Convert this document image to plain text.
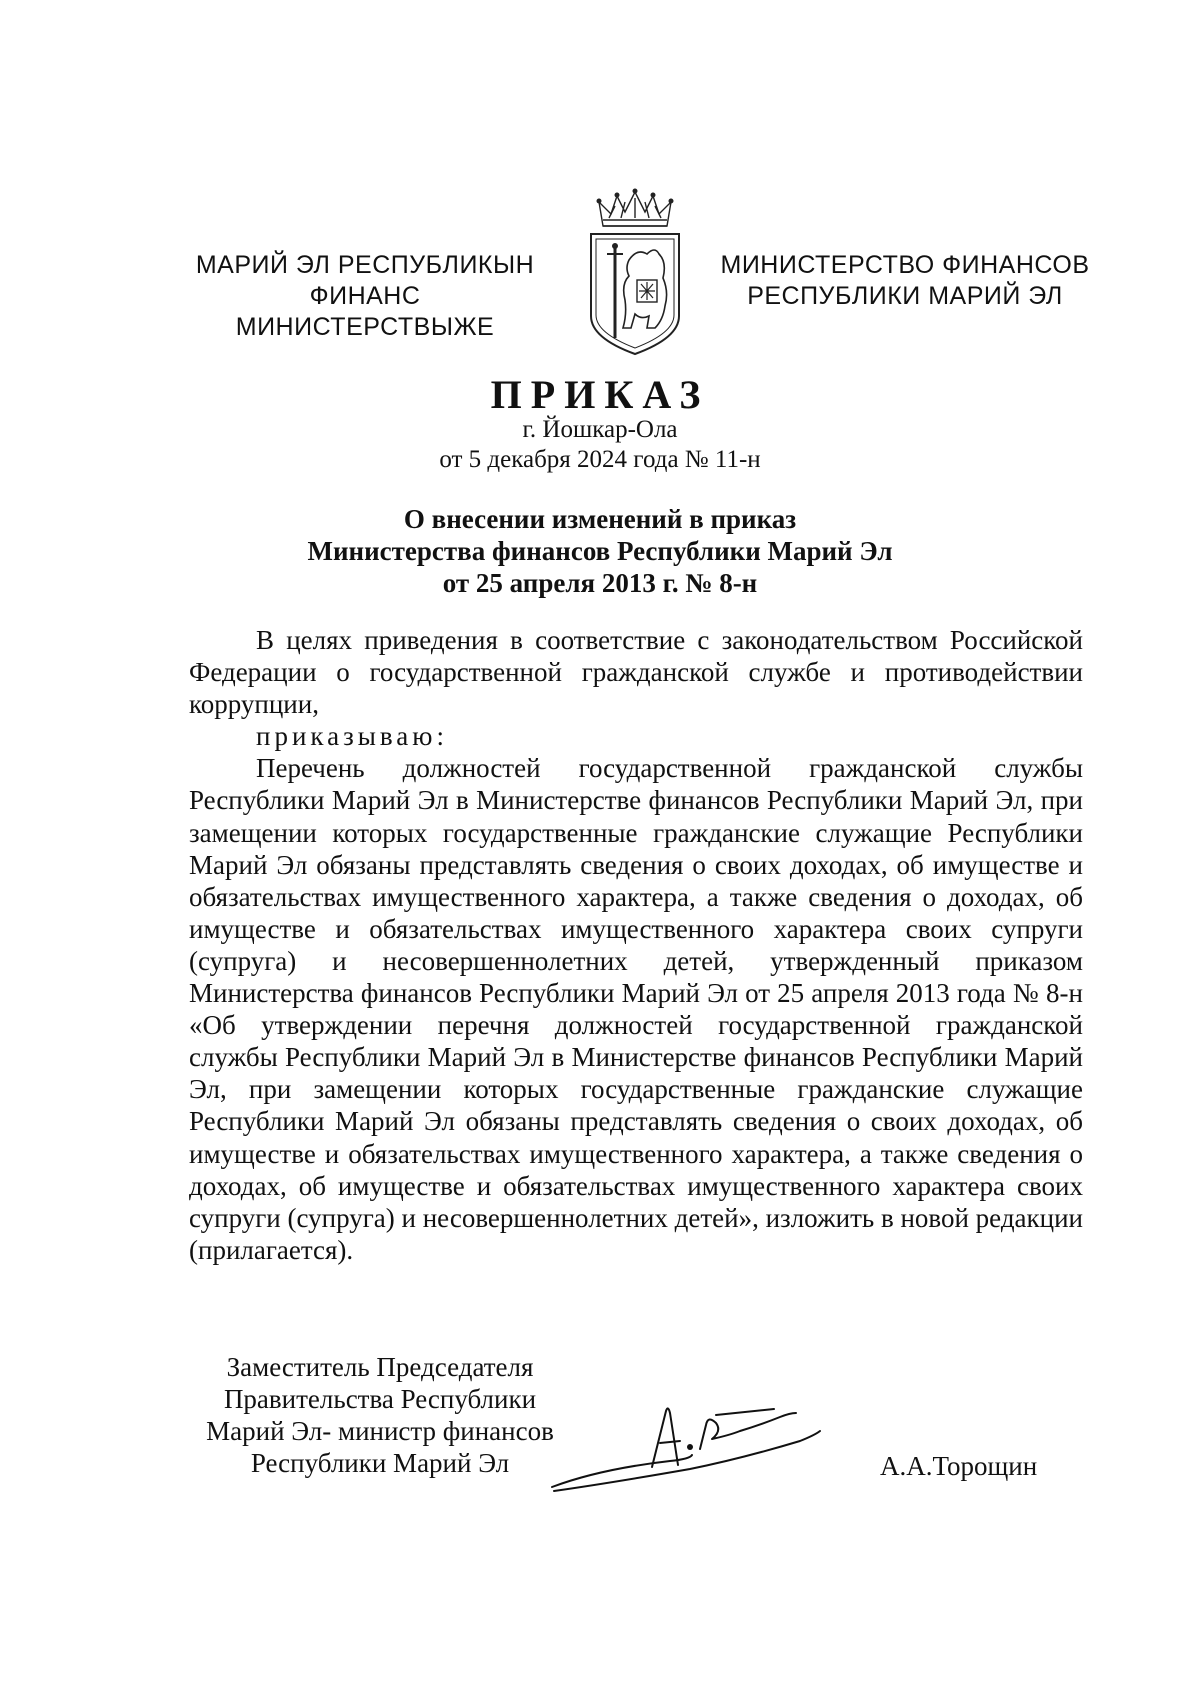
МАРИЙ ЭЛ РЕСПУБЛИКЫН
ФИНАНС МИНИСТЕРСТВЫЖЕ
МИНИСТЕРСТВО ФИНАНСОВ
РЕСПУБЛИКИ МАРИЙ ЭЛ
ПРИКАЗ
г. Йошкар-Ола
от 5 декабря 2024 года № 11-н
О внесении изменений в приказ
Министерства финансов Республики Марий Эл
от 25 апреля 2013 г. № 8-н

В целях приведения в соответствие с законодательством Российской Федерации о государственной гражданской службе и противодействии коррупции,

приказываю:

Перечень должностей государственной гражданской службы Республики Марий Эл в Министерстве финансов Республики Марий Эл, при замещении которых государственные гражданские служащие Республики Марий Эл обязаны представлять сведения о своих доходах, об имуществе и обязательствах имущественного характера, а также сведения о доходах, об имуществе и обязательствах имущественного характера своих супруги (супруга) и несовершеннолетних детей, утвержденный приказом Министерства финансов Республики Марий Эл от 25 апреля 2013 года № 8-н «Об утверждении перечня должностей государственной гражданской службы Республики Марий Эл в Министерстве финансов Республики Марий Эл, при замещении которых государственные гражданские служащие Республики Марий Эл обязаны представлять сведения о своих доходах, об имуществе и обязательствах имущественного характера, а также сведения о доходах, об имуществе и обязательствах имущественного характера своих супруги (супруга) и несовершеннолетних детей», изложить в новой редакции (прилагается).

Заместитель Председателя
Правительства Республики
Марий Эл- министр финансов
Республики Марий Эл	А.А.Торощин
